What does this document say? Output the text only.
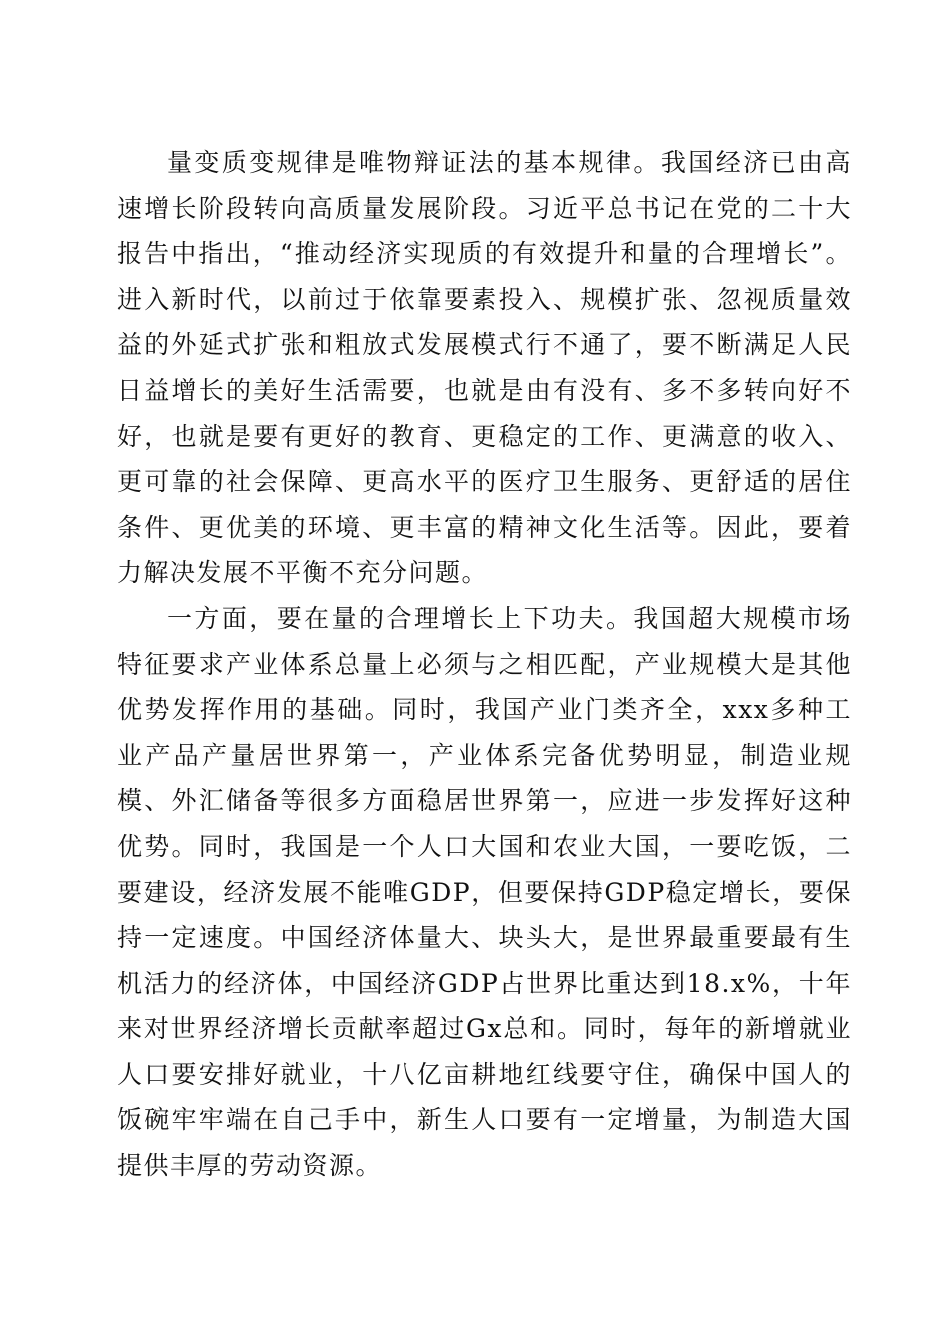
量变质变规律是唯物辩证法的基本规律。我国经济已由高速增长阶段转向高质量发展阶段。习近平总书记在党的二十大报告中指出，“推动经济实现质的有效提升和量的合理增长”。进入新时代，以前过于依靠要素投入、规模扩张、忽视质量效益的外延式扩张和粗放式发展模式行不通了，要不断满足人民日益增长的美好生活需要，也就是由有没有、多不多转向好不好，也就是要有更好的教育、更稳定的工作、更满意的收入、更可靠的社会保障、更高水平的医疗卫生服务、更舒适的居住条件、更优美的环境、更丰富的精神文化生活等。因此，要着力解决发展不平衡不充分问题。

一方面，要在量的合理增长上下功夫。我国超大规模市场特征要求产业体系总量上必须与之相匹配，产业规模大是其他优势发挥作用的基础。同时，我国产业门类齐全，xxx多种工业产品产量居世界第一，产业体系完备优势明显，制造业规模、外汇储备等很多方面稳居世界第一，应进一步发挥好这种优势。同时，我国是一个人口大国和农业大国，一要吃饭，二要建设，经济发展不能唯GDP，但要保持GDP稳定增长，要保持一定速度。中国经济体量大、块头大，是世界最重要最有生机活力的经济体，中国经济GDP占世界比重达到18.x%，十年来对世界经济增长贡献率超过Gx总和。同时，每年的新增就业人口要安排好就业，十八亿亩耕地红线要守住，确保中国人的饭碗牢牢端在自己手中，新生人口要有一定增量，为制造大国提供丰厚的劳动资源。
